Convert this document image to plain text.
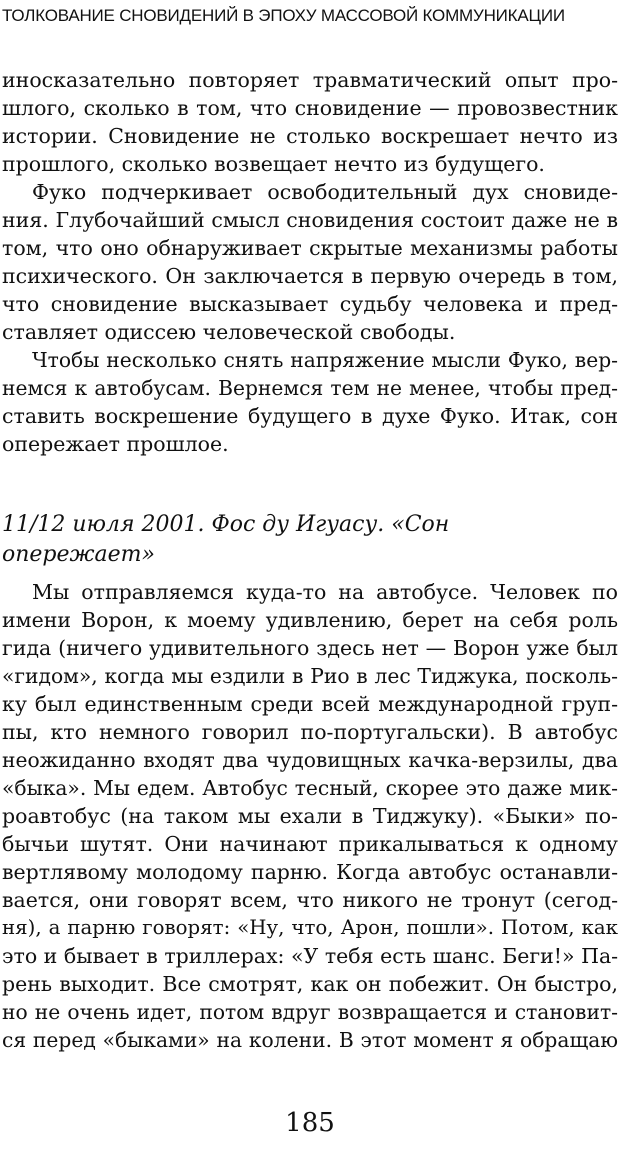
ТОЛКОВАНИЕ СНОВИДЕНИЙ В ЭПОХУ МАССОВОЙ КОММУНИКАЦИИ
иносказательно повторяет травматический опыт про-
шлого, сколько в том, что сновидение — провозвестник
истории. Сновидение не столько воскрешает нечто из
прошлого, сколько возвещает нечто из будущего.
Фуко подчеркивает освободительный дух сновиде-
ния. Глубочайший смысл сновидения состоит даже не в
том, что оно обнаруживает скрытые механизмы работы
психического. Он заключается в первую очередь в том,
что сновидение высказывает судьбу человека и пред-
ставляет одиссею человеческой свободы.
Чтобы несколько снять напряжение мысли Фуко, вер-
немся к автобусам. Вернемся тем не менее, чтобы пред-
ставить воскрешение будущего в духе Фуко. Итак, сон
опережает прошлое.
11/12 июля 2001. Фос ду Игуасу. «Сон
опережает»
Мы отправляемся куда-то на автобусе. Человек по
имени Ворон, к моему удивлению, берет на себя роль
гида (ничего удивительного здесь нет — Ворон уже был
«гидом», когда мы ездили в Рио в лес Тиджука, посколь-
ку был единственным среди всей международной груп-
пы, кто немного говорил по-португальски). В автобус
неожиданно входят два чудовищных качка-верзилы, два
«быка». Мы едем. Автобус тесный, скорее это даже мик-
роавтобус (на таком мы ехали в Тиджуку). «Быки» по-
бычьи шутят. Они начинают прикалываться к одному
вертлявому молодому парню. Когда автобус останавли-
вается, они говорят всем, что никого не тронут (сегод-
ня), а парню говорят: «Ну, что, Арон, пошли». Потом, как
это и бывает в триллерах: «У тебя есть шанс. Беги!» Па-
рень выходит. Все смотрят, как он побежит. Он быстро,
но не очень идет, потом вдруг возвращается и становит-
ся перед «быками» на колени. В этот момент я обращаю
185
